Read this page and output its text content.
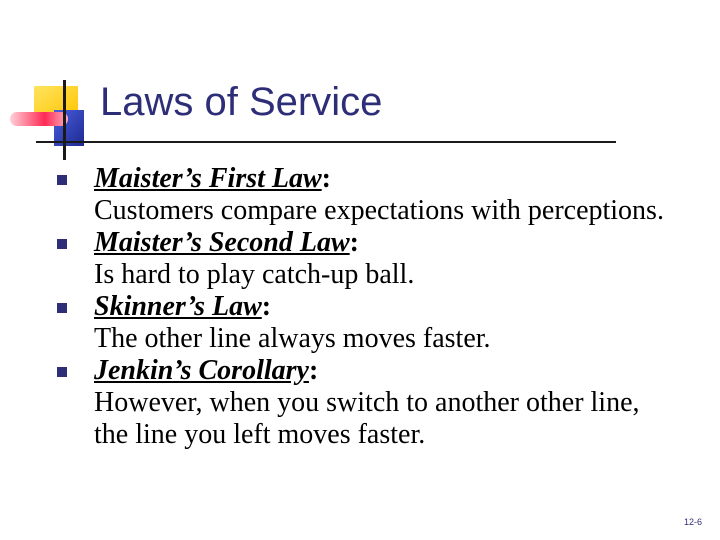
Laws of Service
Maister’s First Law:
Customers compare expectations with perceptions.
Maister’s Second Law:
Is hard to play catch-up ball.
Skinner’s Law:
The other line always moves faster.
Jenkin’s Corollary:
However, when you switch to another other line, the line you left moves faster.
12-6
